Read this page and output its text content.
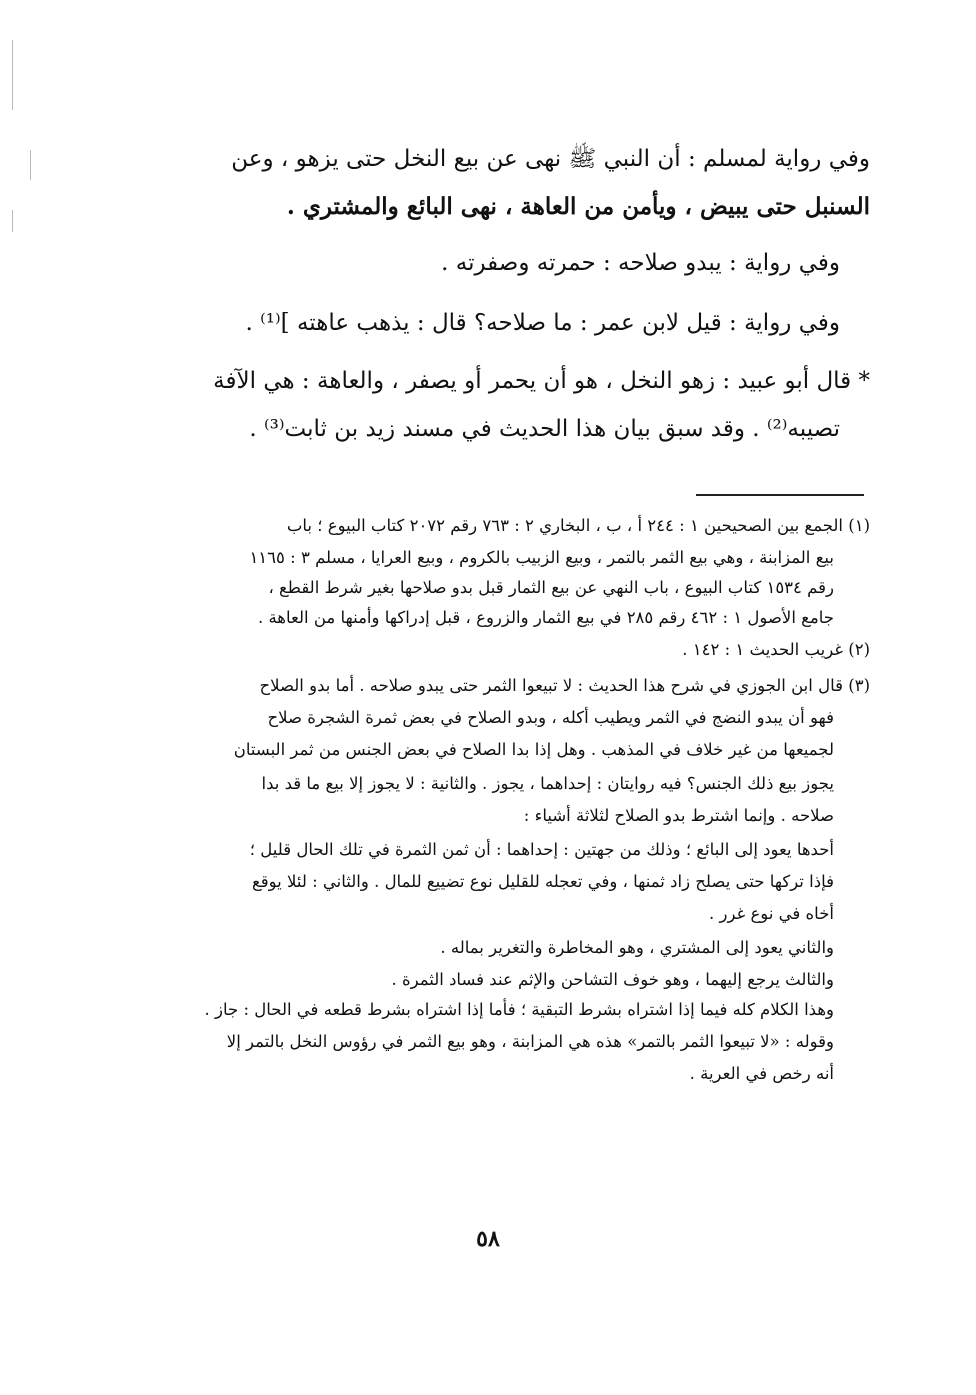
وفي رواية لمسلم : أن النبي ﷺ نهى عن بيع النخل حتى يزهو ، وعن
السنبل حتى يبيض ، ويأمن من العاهة ، نهى البائع والمشتري .
وفي رواية : يبدو صلاحه : حمرته وصفرته .
وفي رواية : قيل لابن عمر : ما صلاحه؟ قال : يذهب عاهته ]⁽¹⁾ .
* قال أبو عبيد : زهو النخل ، هو أن يحمر أو يصفر ، والعاهة : هي الآفة
تصيبه⁽²⁾ . وقد سبق بيان هذا الحديث في مسند زيد بن ثابت⁽³⁾ .
(١) الجمع بين الصحيحين ١ : ٢٤٤ أ ، ب ، البخاري ٢ : ٧٦٣ رقم ٢٠٧٢ كتاب البيوع ؛ باب
بيع المزابنة ، وهي بيع الثمر بالتمر ، وبيع الزبيب بالكروم ، وبيع العرايا ، مسلم ٣ : ١١٦٥
رقم ١٥٣٤ كتاب البيوع ، باب النهي عن بيع الثمار قبل بدو صلاحها بغير شرط القطع ،
جامع الأصول ١ : ٤٦٢ رقم ٢٨٥ في بيع الثمار والزروع ، قبل إدراكها وأمنها من العاهة .
(٢) غريب الحديث ١ : ١٤٢ .
(٣) قال ابن الجوزي في شرح هذا الحديث : لا تبيعوا الثمر حتى يبدو صلاحه . أما بدو الصلاح
فهو أن يبدو النضج في الثمر ويطيب أكله ، وبدو الصلاح في بعض ثمرة الشجرة صلاح
لجميعها من غير خلاف في المذهب . وهل إذا بدا الصلاح في بعض الجنس من ثمر البستان
يجوز بيع ذلك الجنس؟ فيه روايتان : إحداهما ، يجوز . والثانية : لا يجوز إلا بيع ما قد بدا
صلاحه . وإنما اشترط بدو الصلاح لثلاثة أشياء :
أحدها يعود إلى البائع ؛ وذلك من جهتين : إحداهما : أن ثمن الثمرة في تلك الحال قليل ؛
فإذا تركها حتى يصلح زاد ثمنها ، وفي تعجله للقليل نوع تضييع للمال . والثاني : لئلا يوقع
أخاه في نوع غرر .
والثاني يعود إلى المشتري ، وهو المخاطرة والتغرير بماله .
والثالث يرجع إليهما ، وهو خوف التشاحن والإثم عند فساد الثمرة .
وهذا الكلام كله فيما إذا اشتراه بشرط التبقية ؛ فأما إذا اشتراه بشرط قطعه في الحال : جاز .
وقوله : «لا تبيعوا الثمر بالتمر» هذه هي المزابنة ، وهو بيع الثمر في رؤوس النخل بالتمر إلا
أنه رخص في العرية .
٥٨
